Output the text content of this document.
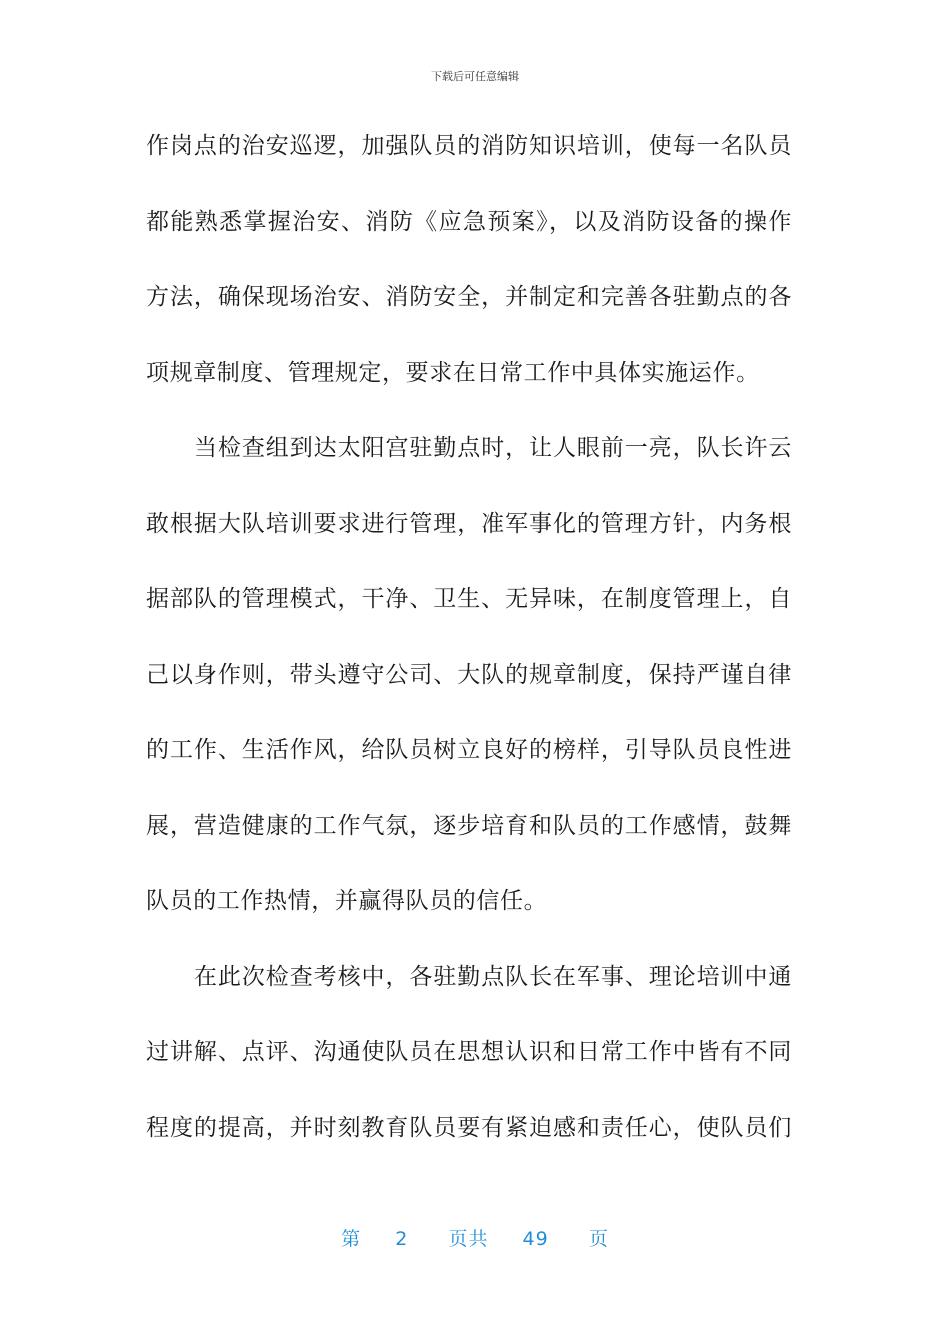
下载后可任意编辑
作岗点的治安巡逻，加强队员的消防知识培训，使每一名队员
都能熟悉掌握治安、消防《应急预案》，以及消防设备的操作
方法，确保现场治安、消防安全，并制定和完善各驻勤点的各
项规章制度、管理规定，要求在日常工作中具体实施运作。
当检查组到达太阳宫驻勤点时，让人眼前一亮，队长许云
敢根据大队培训要求进行管理，准军事化的管理方针，内务根
据部队的管理模式，干净、卫生、无异味，在制度管理上，自
己以身作则，带头遵守公司、大队的规章制度，保持严谨自律
的工作、生活作风，给队员树立良好的榜样，引导队员良性进
展，营造健康的工作气氛，逐步培育和队员的工作感情，鼓舞
队员的工作热情，并赢得队员的信任。
在此次检查考核中，各驻勤点队长在军事、理论培训中通
过讲解、点评、沟通使队员在思想认识和日常工作中皆有不同
程度的提高，并时刻教育队员要有紧迫感和责任心，使队员们
第 2 页共 49 页
